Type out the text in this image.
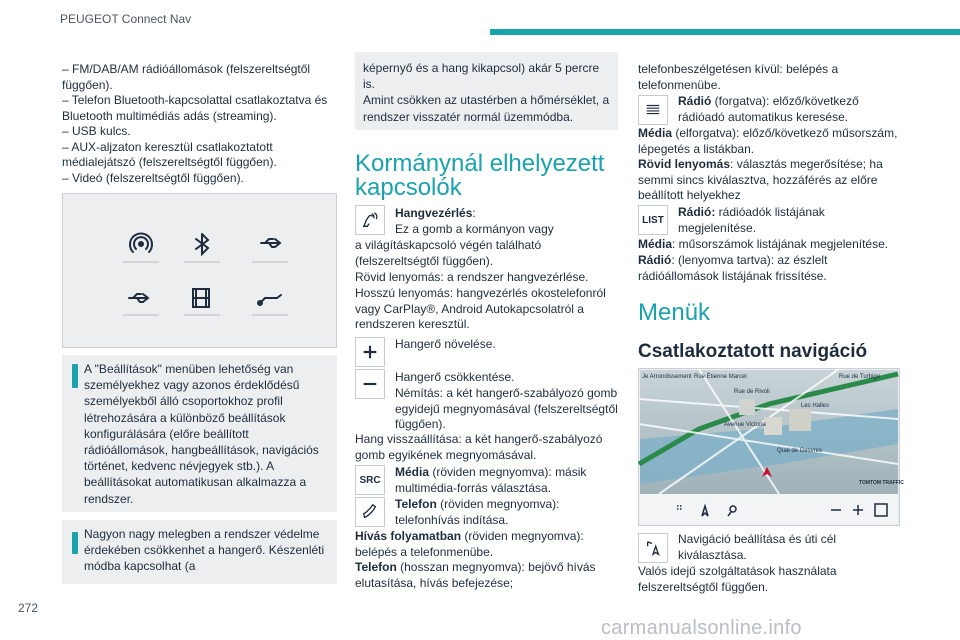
PEUGEOT Connect Nav
272
carmanualsonline.info

– FM/DAB/AM rádióállomások (felszereltségtől függően).

– Telefon Bluetooth-kapcsolattal csatlakoztatva és Bluetooth multimédiás adás (streaming).

– USB kulcs.

– AUX-aljzaton keresztül csatlakoztatott médialejátszó (felszereltségtől függően).

– Videó (felszereltségtől függően).

A "Beállítások" menüben lehetőség van személyekhez vagy azonos érdeklődésű személyekből álló csoportokhoz profil létrehozására a különböző beállítások konfigurálására (előre beállított rádióállomások, hangbeállítások, navigációs történet, kedvenc névjegyek stb.). A beállításokat automatikusan alkalmazza a rendszer.

Nagyon nagy melegben a rendszer védelme érdekében csökkenhet a hangerő. Készenléti módba kapcsolhat (a

képernyő és a hang kikapcsol) akár 5 percre is.
Amint csökken az utastérben a hőmérséklet, a rendszer visszatér normál üzemmódba.

Kormánynál elhelyezett kapcsolók

Hangvezérlés:

Ez a gomb a kormányon vagy

a világításkapcsoló végén található (felszereltségtől függően).

Rövid lenyomás: a rendszer hangvezérlése.

Hosszú lenyomás: hangvezérlés okostelefonról vagy CarPlay®, Android Autokapcsolatról a rendszeren keresztül.

Hangerő növelése.

Hangerő csökkentése.

Némítás: a két hangerő-szabályozó gomb egyidejű megnyomásával (felszereltségtől függően).

Hang visszaállítása: a két hangerő-szabályozó gomb egyikének megnyomásával.

SRC

Média (röviden megnyomva): másik multimédia-forrás választása.

Telefon (röviden megnyomva): telefonhívás indítása.

Hívás folyamatban (röviden megnyomva): belépés a telefonmenübe.

Telefon (hosszan megnyomva): bejövő hívás elutasítása, hívás befejezése;

telefonbeszélgetésen kívül: belépés a telefonmenübe.

Rádió (forgatva): előző/következő rádióadó automatikus keresése.

Média (elforgatva): előző/következő műsorszám, lépegetés a listákban.

Rövid lenyomás: választás megerősítése; ha semmi sincs kiválasztva, hozzáférés az előre beállított helyekhez

LIST

Rádió: rádióadók listájának megjelenítése.

Média: műsorszámok listájának megjelenítése.

Rádió: (lenyomva tartva): az észlelt rádióállomások listájának frissítése.

Menük
Csatlakoztatott navigáció
Je Arrondissement Rue Étienne Marcel	Rue de Turbigo
Rue de Rivoli
Les Halles
Avenue Victoria
Quai de Gesvres
TOMTOM TRAFFIC

Navigáció beállítása és úti cél kiválasztása.

Valós idejű szolgáltatások használata felszereltségtől függően.
